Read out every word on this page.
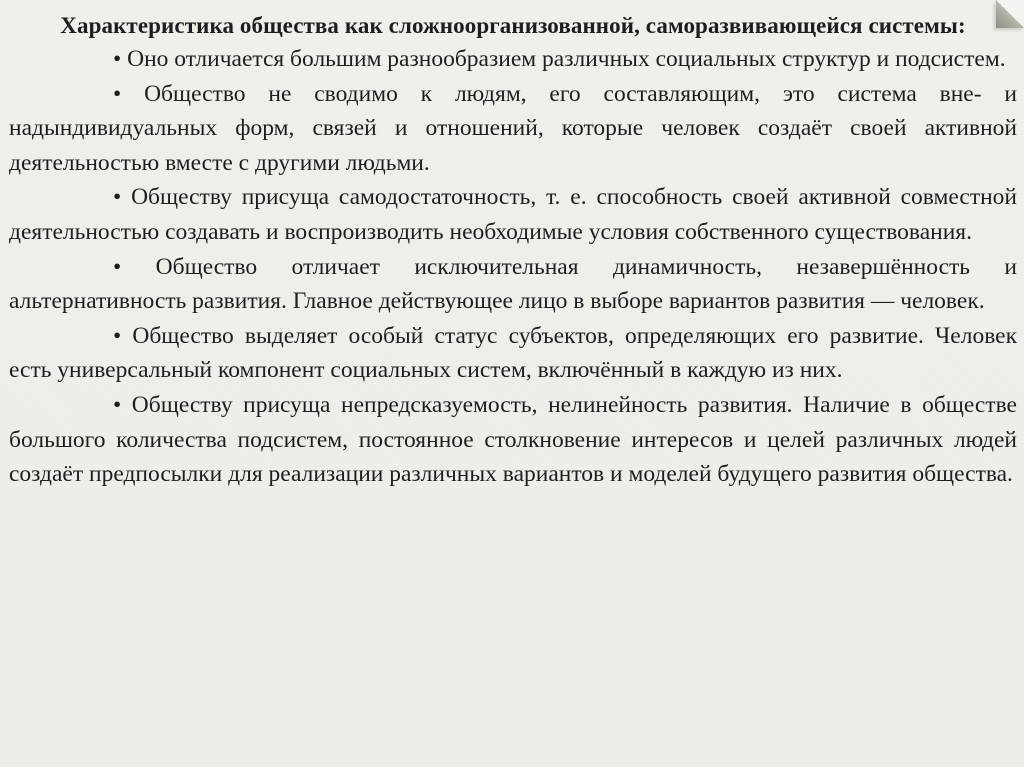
Характеристика общества как сложноорганизованной, саморазвивающейся системы:

• Оно отличается большим разнообразием различных социальных структур и подсистем.

• Общество не сводимо к людям, его составляющим, это система вне- и надындивидуальных форм, связей и отношений, которые человек создаёт своей активной деятельностью вместе с другими людьми.

• Обществу присуща самодостаточность, т. е. способность своей активной совместной деятельностью создавать и воспроизводить необходимые условия собственного существования.

• Общество отличает исключительная динамичность, незавершённость и альтернативность развития. Главное действующее лицо в выборе вариантов развития — человек.

• Общество выделяет особый статус субъектов, определяющих его развитие. Человек есть универсальный компонент социальных систем, включённый в каждую из них.

• Обществу присуща непредсказуемость, нелинейность развития. Наличие в обществе большого количества подсистем, постоянное столкновение интересов и целей различных людей создаёт предпосылки для реализации различных вариантов и моделей будущего развития общества.
